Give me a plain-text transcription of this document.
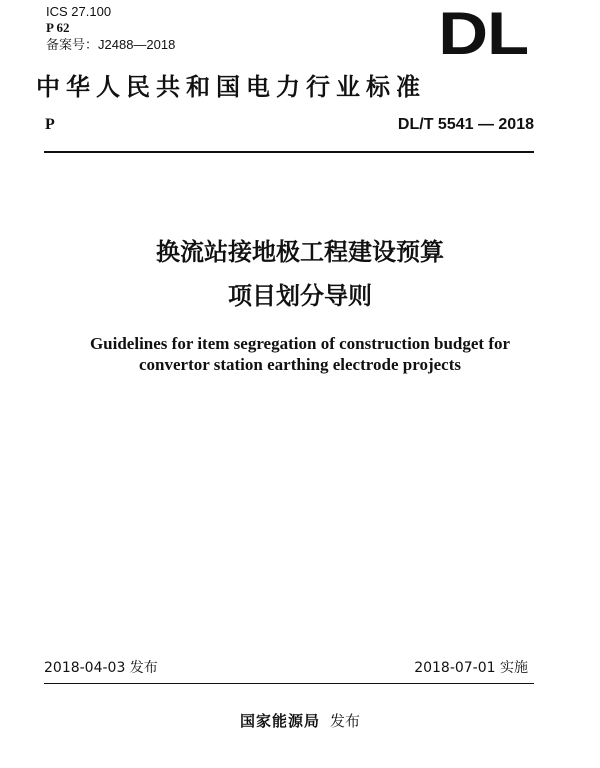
ICS 27.100
P 62
备案号：J2488—2018	DL
中华人民共和国电力行业标准
P	DL/T 5541 — 2018
换流站接地极工程建设预算
项目划分导则
Guidelines for item segregation of construction budget for
convertor station earthing electrode projects
2018-04-03 发布	2018-07-01 实施
国家能源局 发布
